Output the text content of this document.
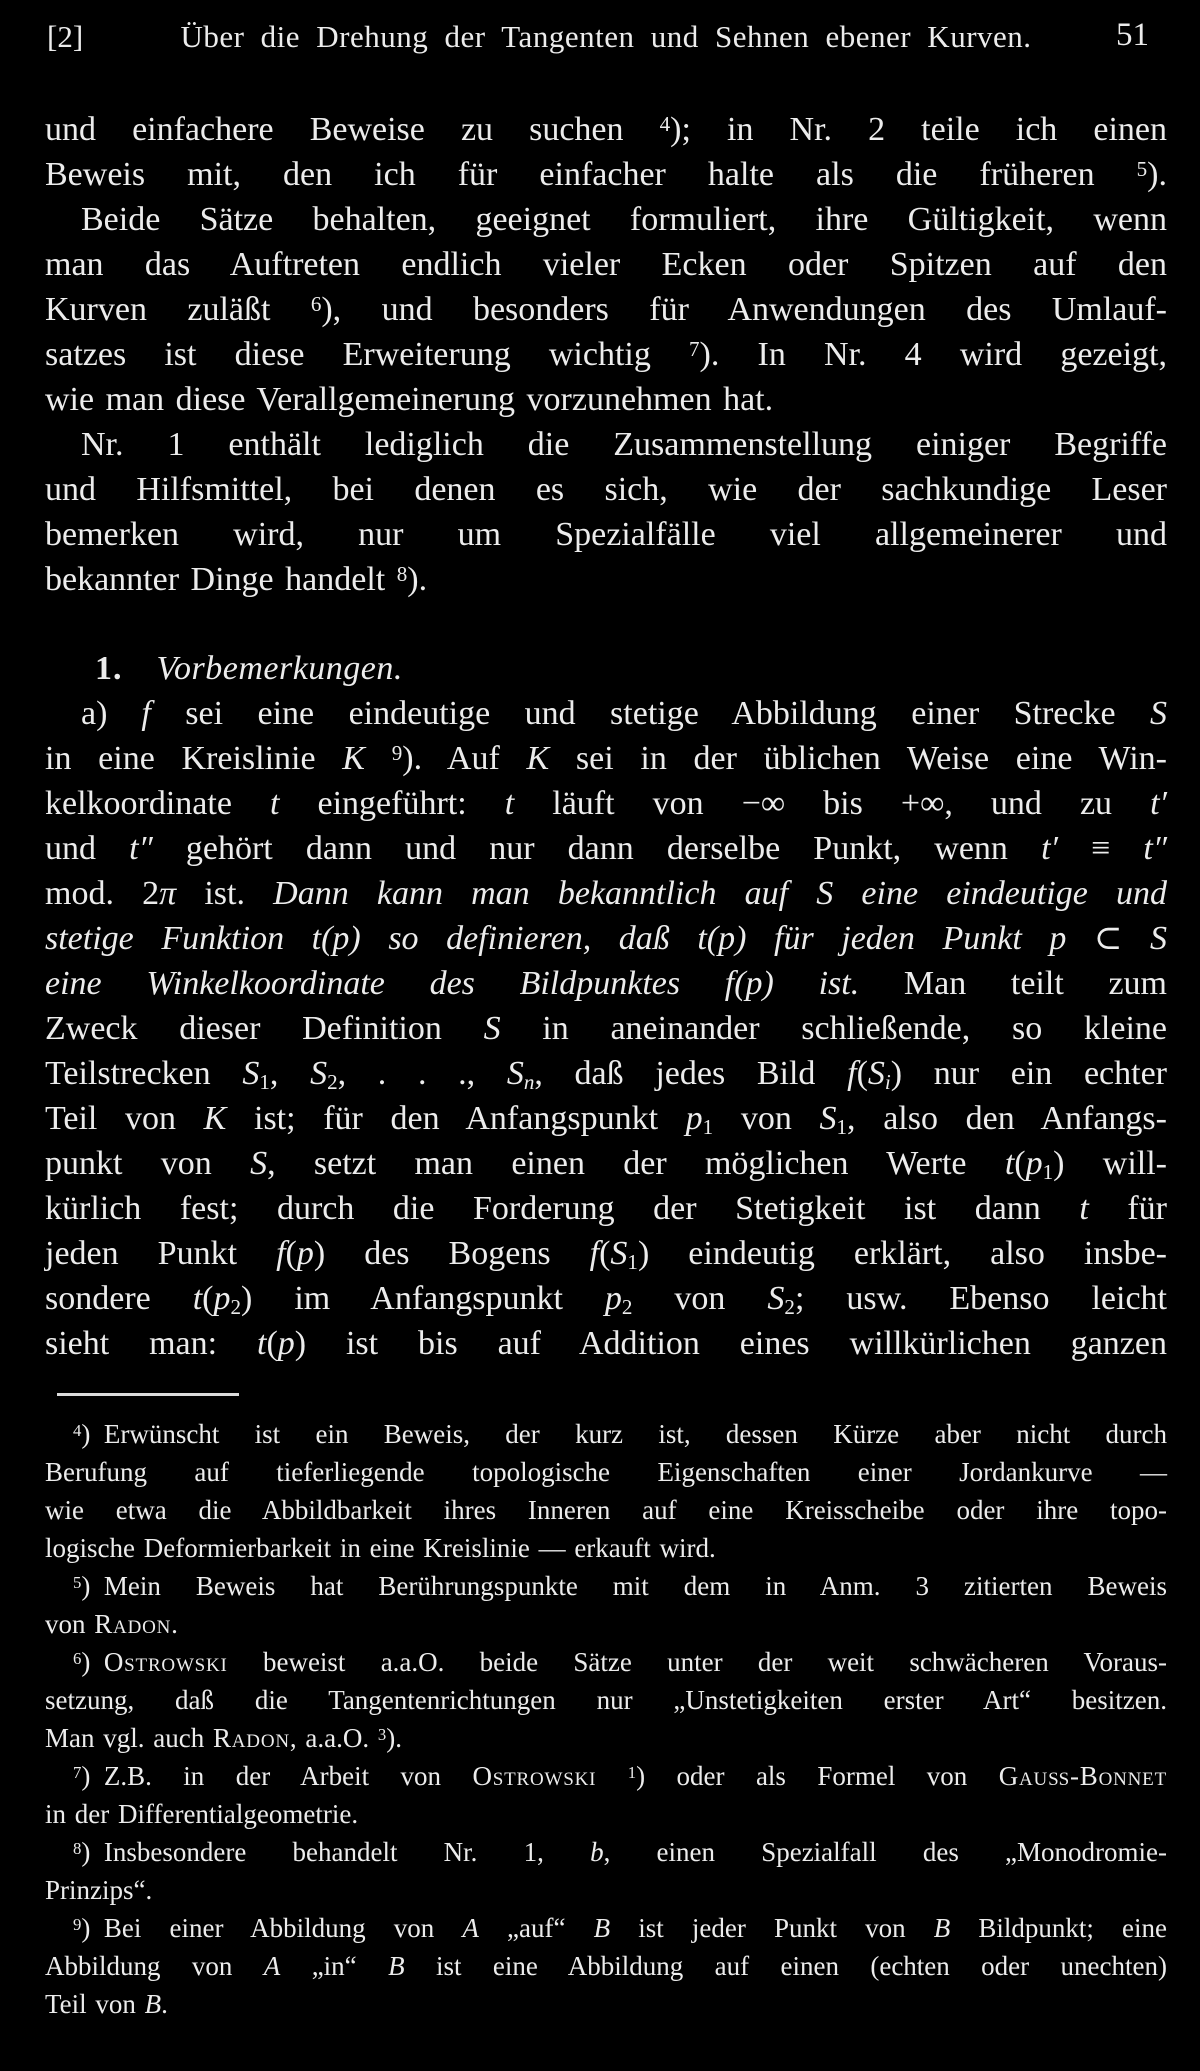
[2]	Über die Drehung der Tangenten und Sehnen ebener Kurven.	51
und einfachere Beweise zu suchen $^4$); in Nr. 2 teile ich einen
Beweis mit, den ich für einfacher halte als die früheren $^5$).
Beide Sätze behalten, geeignet formuliert, ihre Gültigkeit, wenn
man das Auftreten endlich vieler Ecken oder Spitzen auf den
Kurven zuläßt $^6$), und besonders für Anwendungen des Umlauf-
satzes ist diese Erweiterung wichtig $^7$). In Nr. 4 wird gezeigt,
wie man diese Verallgemeinerung vorzunehmen hat.
Nr. 1 enthält lediglich die Zusammenstellung einiger Begriffe
und Hilfsmittel, bei denen es sich, wie der sachkundige Leser
bemerken wird, nur um Spezialfälle viel allgemeinerer und
bekannter Dinge handelt $^8$).
1. Vorbemerkungen.
a)  f sei eine eindeutige und stetige Abbildung einer Strecke S
in eine Kreislinie K $^9$). Auf K sei in der üblichen Weise eine Win-
kelkoordinate t eingeführt: t läuft von −∞ bis +∞, und zu t′
und t″ gehört dann und nur dann derselbe Punkt, wenn t′ ≡ t″
mod. 2π ist. Dann kann man bekanntlich auf S eine eindeutige und
stetige Funktion t(p) so definieren, daß t(p) für jeden Punkt p ⊂ S
eine Winkelkoordinate des Bildpunktes f(p) ist. Man teilt zum
Zweck dieser Definition S in aneinander schließende, so kleine
Teilstrecken S1, S2, . . ., Sn, daß jedes Bild f(Si) nur ein echter
Teil von K ist; für den Anfangspunkt p1 von S1, also den Anfangs-
punkt von S, setzt man einen der möglichen Werte t(p1) will-
kürlich fest; durch die Forderung der Stetigkeit ist dann t für
jeden Punkt f(p) des Bogens f(S1) eindeutig erklärt, also insbe-
sondere t(p2) im Anfangspunkt p2 von S2; usw. Ebenso leicht
sieht man: t(p) ist bis auf Addition eines willkürlichen ganzen
$^4$) Erwünscht ist ein Beweis, der kurz ist, dessen Kürze aber nicht durch
Berufung auf tieferliegende topologische Eigenschaften einer Jordankurve —
wie etwa die Abbildbarkeit ihres Inneren auf eine Kreisscheibe oder ihre topo-
logische Deformierbarkeit in eine Kreislinie — erkauft wird.
$^5$) Mein Beweis hat Berührungspunkte mit dem in Anm. 3 zitierten Beweis
von Radon.
$^6$) Ostrowski beweist a.a.O. beide Sätze unter der weit schwächeren Voraus-
setzung, daß die Tangentenrichtungen nur „Unstetigkeiten erster Art“ besitzen.
Man vgl. auch Radon, a.a.O. $^3$).
$^7$) Z.B. in der Arbeit von Ostrowski $^1$) oder als Formel von Gauß-Bonnet
in der Differentialgeometrie.
$^8$) Insbesondere behandelt Nr. 1, b, einen Spezialfall des „Monodromie-
Prinzips“.
$^9$) Bei einer Abbildung von A „auf“ B ist jeder Punkt von B Bildpunkt; eine
Abbildung von A „in“ B ist eine Abbildung auf einen (echten oder unechten)
Teil von B.
